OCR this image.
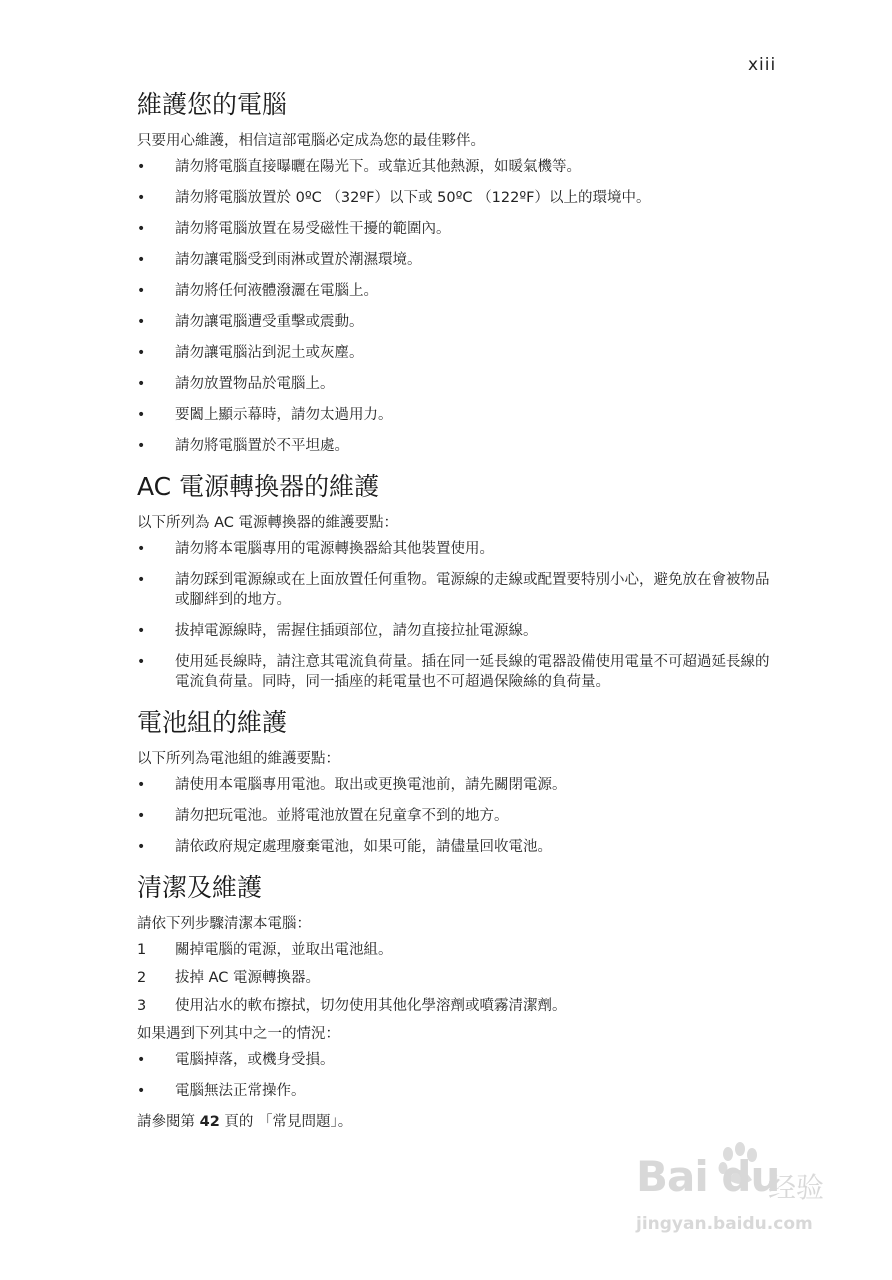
xiii
維護您的電腦
只要用心維護，相信這部電腦必定成為您的最佳夥伴。
• 請勿將電腦直接曝曬在陽光下。或靠近其他熱源，如暖氣機等。
• 請勿將電腦放置於 0ºC （32ºF）以下或 50ºC （122ºF）以上的環境中。
• 請勿將電腦放置在易受磁性干擾的範圍內。
• 請勿讓電腦受到雨淋或置於潮濕環境。
• 請勿將任何液體潑灑在電腦上。
• 請勿讓電腦遭受重擊或震動。
• 請勿讓電腦沾到泥土或灰塵。
• 請勿放置物品於電腦上。
• 要闔上顯示幕時，請勿太過用力。
• 請勿將電腦置於不平坦處。
AC 電源轉換器的維護
以下所列為 AC 電源轉換器的維護要點：
• 請勿將本電腦專用的電源轉換器給其他裝置使用。
• 請勿踩到電源線或在上面放置任何重物。電源線的走線或配置要特別小心，避免放在會被物品或腳絆到的地方。
• 拔掉電源線時，需握住插頭部位，請勿直接拉扯電源線。
• 使用延長線時，請注意其電流負荷量。插在同一延長線的電器設備使用電量不可超過延長線的電流負荷量。同時，同一插座的耗電量也不可超過保險絲的負荷量。
電池組的維護
以下所列為電池組的維護要點：
• 請使用本電腦專用電池。取出或更換電池前，請先關閉電源。
• 請勿把玩電池。並將電池放置在兒童拿不到的地方。
• 請依政府規定處理廢棄電池，如果可能，請儘量回收電池。
清潔及維護
請依下列步驟清潔本電腦：
1 關掉電腦的電源，並取出電池組。
2 拔掉 AC 電源轉換器。
3 使用沾水的軟布擦拭，切勿使用其他化學溶劑或噴霧清潔劑。
如果遇到下列其中之一的情況：
• 電腦掉落，或機身受損。
• 電腦無法正常操作。
請參閱第 42 頁的 「常見問題」。
Bai du
经验
jingyan.baidu.com
